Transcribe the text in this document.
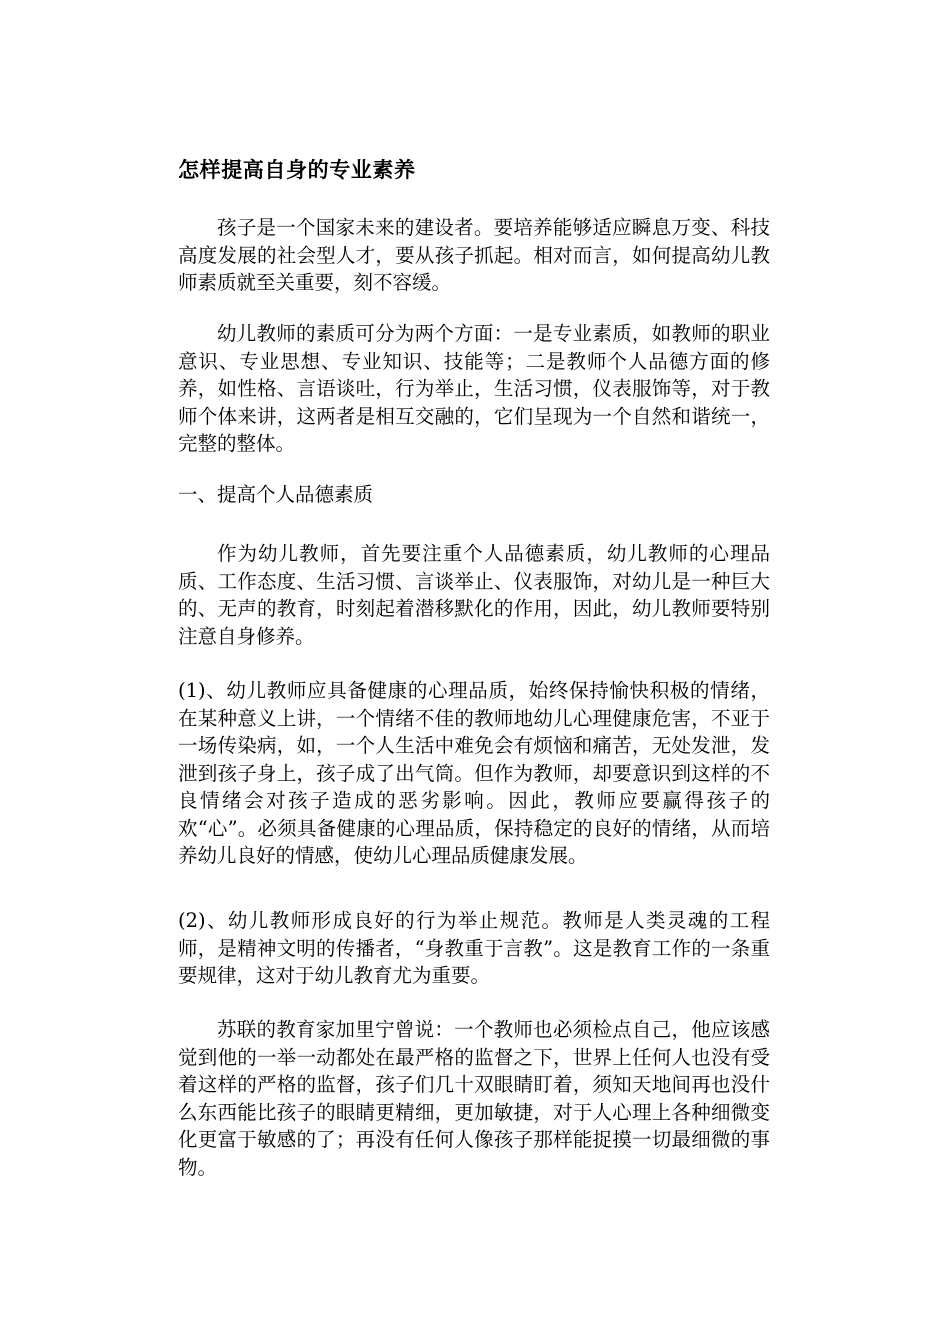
怎样提高自身的专业素养

孩子是一个国家未来的建设者。要培养能够适应瞬息万变、科技高度发展的社会型人才，要从孩子抓起。相对而言，如何提高幼儿教师素质就至关重要，刻不容缓。

幼儿教师的素质可分为两个方面：一是专业素质，如教师的职业意识、专业思想、专业知识、技能等；二是教师个人品德方面的修养，如性格、言语谈吐，行为举止，生活习惯，仪表服饰等，对于教师个体来讲，这两者是相互交融的，它们呈现为一个自然和谐统一，完整的整体。

一、提高个人品德素质

作为幼儿教师，首先要注重个人品德素质，幼儿教师的心理品质、工作态度、生活习惯、言谈举止、仪表服饰，对幼儿是一种巨大的、无声的教育，时刻起着潜移默化的作用，因此，幼儿教师要特别注意自身修养。

(1)、幼儿教师应具备健康的心理品质，始终保持愉快积极的情绪，在某种意义上讲，一个情绪不佳的教师地幼儿心理健康危害，不亚于一场传染病，如，一个人生活中难免会有烦恼和痛苦，无处发泄，发泄到孩子身上，孩子成了出气筒。但作为教师，却要意识到这样的不良情绪会对孩子造成的恶劣影响。因此，教师应要赢得孩子的欢“心”。必须具备健康的心理品质，保持稳定的良好的情绪，从而培养幼儿良好的情感，使幼儿心理品质健康发展。

(2)、幼儿教师形成良好的行为举止规范。教师是人类灵魂的工程师，是精神文明的传播者，“身教重于言教”。这是教育工作的一条重要规律，这对于幼儿教育尤为重要。

苏联的教育家加里宁曾说：一个教师也必须检点自己，他应该感觉到他的一举一动都处在最严格的监督之下，世界上任何人也没有受着这样的严格的监督，孩子们几十双眼睛盯着，须知天地间再也没什么东西能比孩子的眼睛更精细，更加敏捷，对于人心理上各种细微变化更富于敏感的了；再没有任何人像孩子那样能捉摸一切最细微的事物。
